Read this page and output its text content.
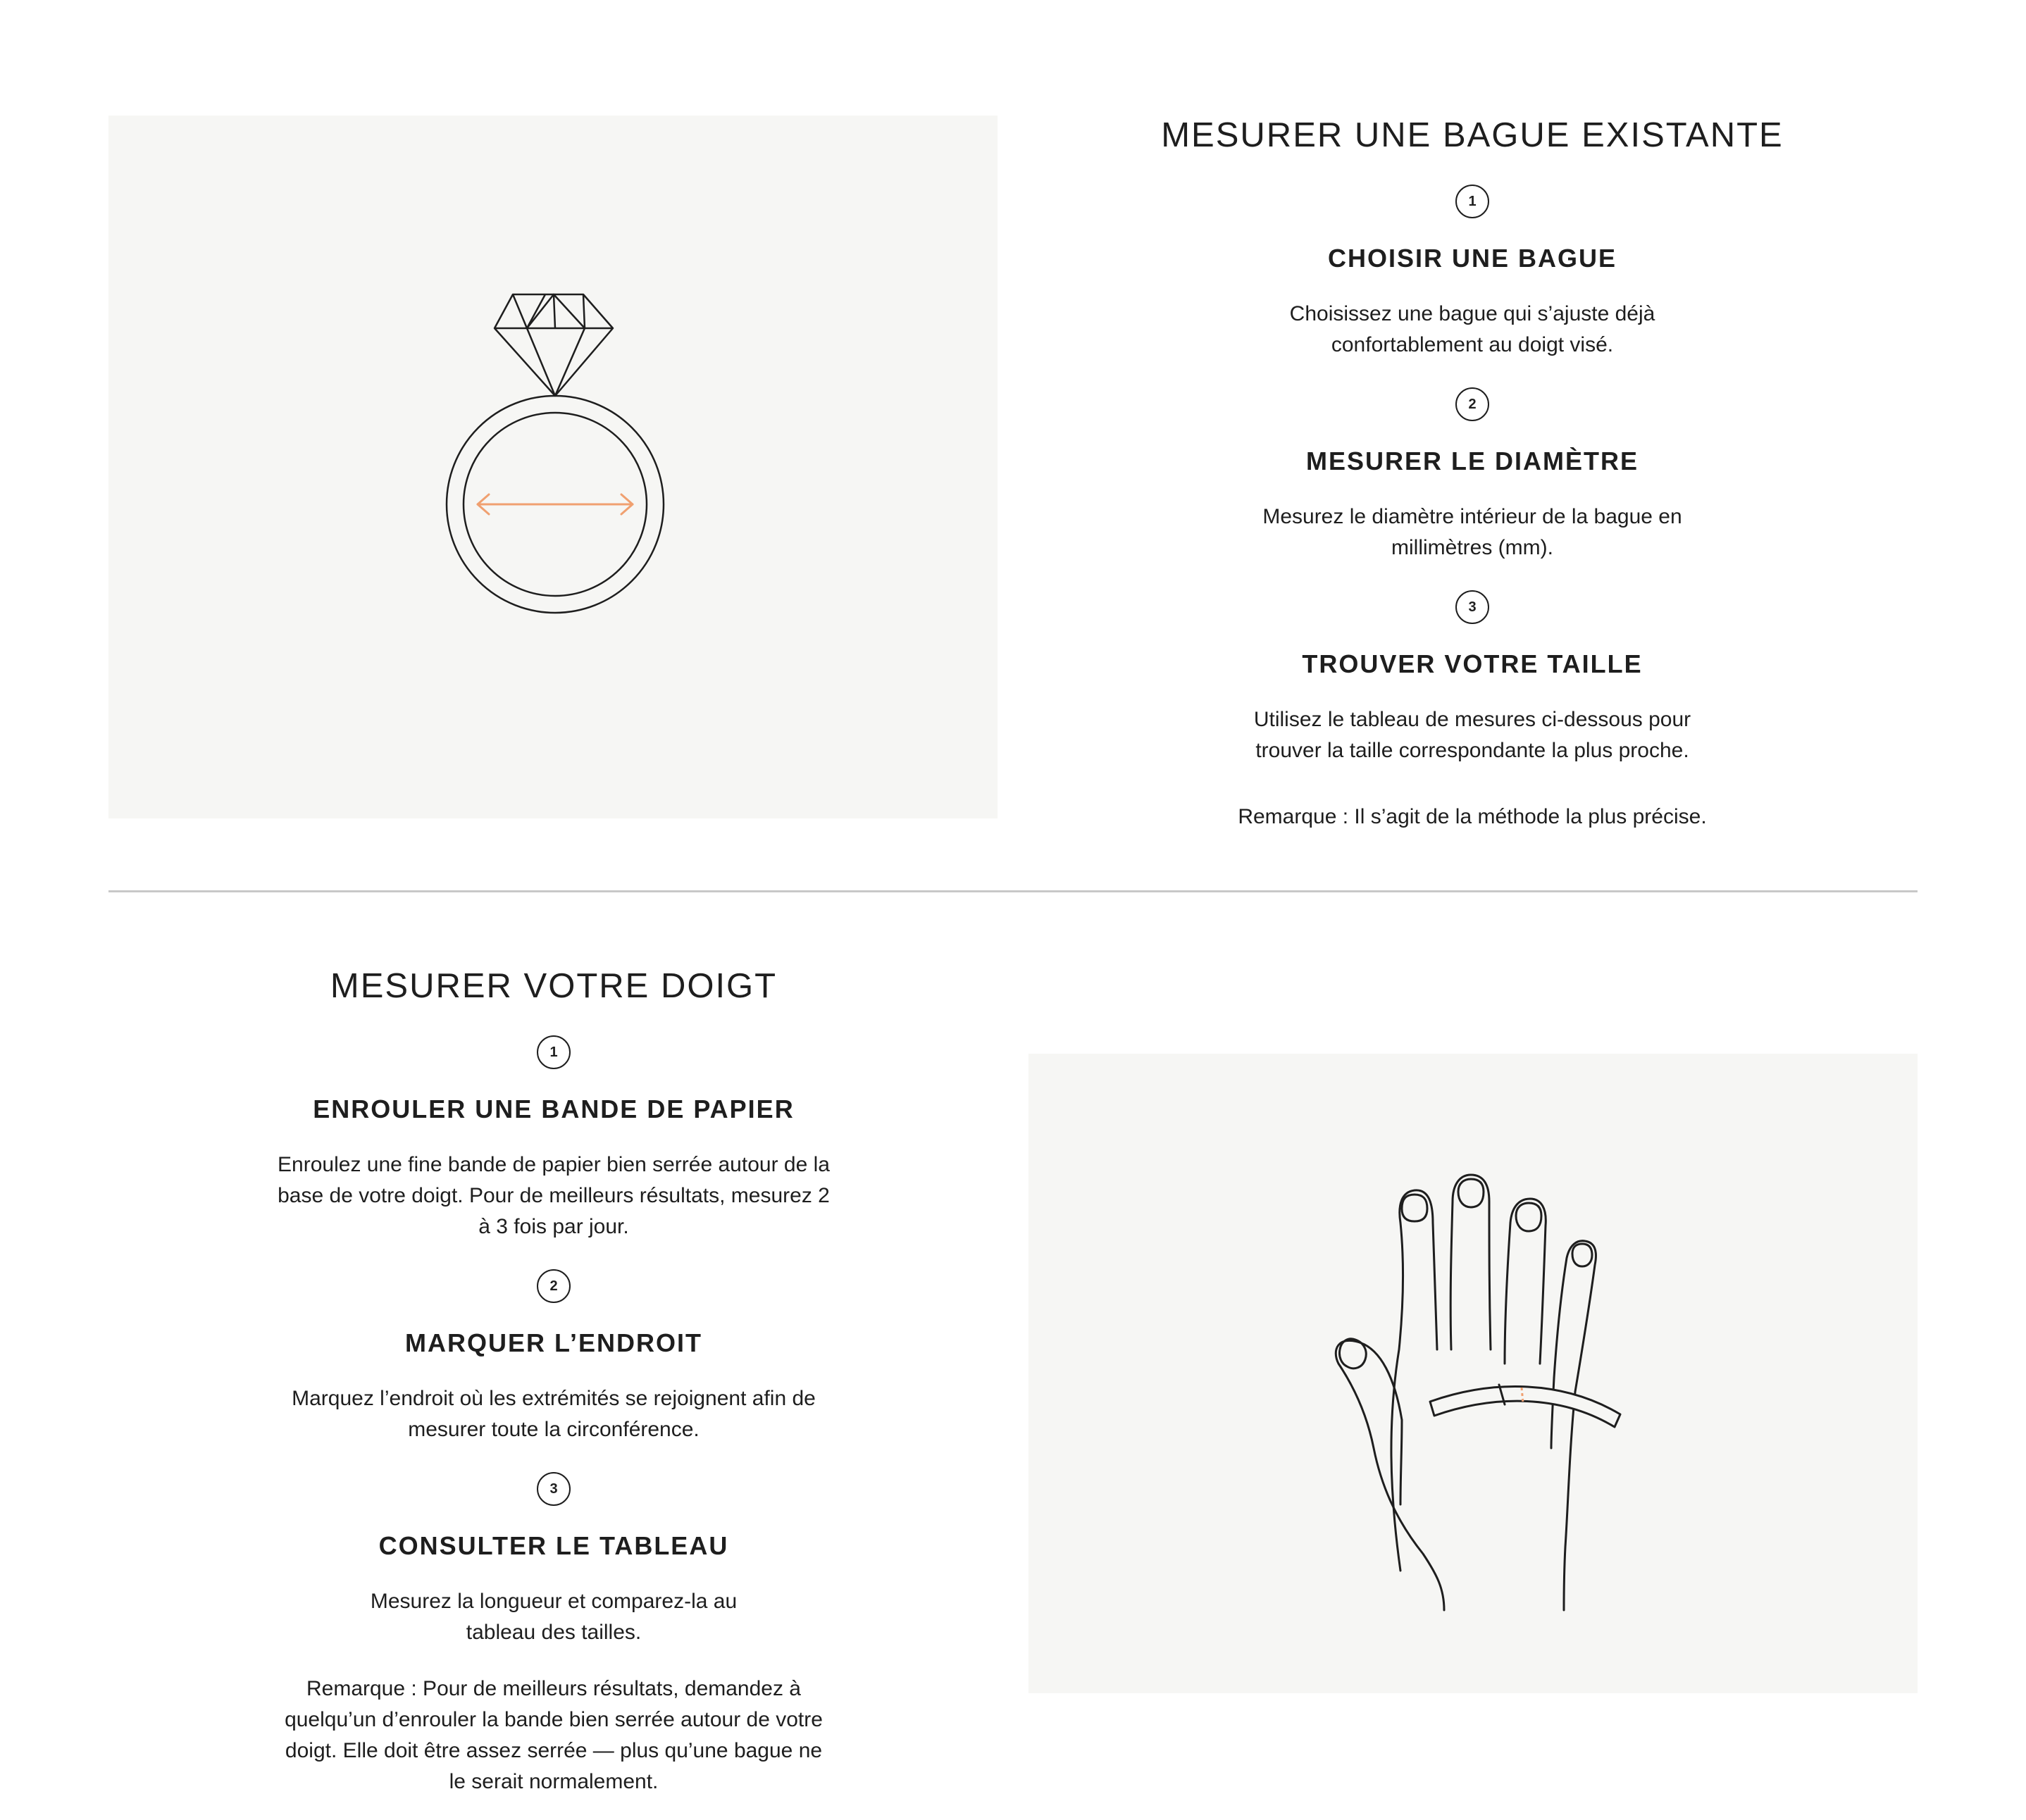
MESURER UNE BAGUE EXISTANTE
1
CHOISIR UNE BAGUE

Choisissez une bague qui s’ajuste déjà confortablement au doigt visé.

2
MESURER LE DIAMÈTRE

Mesurez le diamètre intérieur de la bague en millimètres (mm).

3
TROUVER VOTRE TAILLE

Utilisez le tableau de mesures ci-dessous pour trouver la taille correspondante la plus proche.

Remarque : Il s’agit de la méthode la plus précise.

MESURER VOTRE DOIGT
1
ENROULER UNE BANDE DE PAPIER

Enroulez une fine bande de papier bien serrée autour de la base de votre doigt. Pour de meilleurs résultats, mesurez 2 à 3 fois par jour.

2
MARQUER L’ENDROIT

Marquez l’endroit où les extrémités se rejoignent afin de mesurer toute la circonférence.

3
CONSULTER LE TABLEAU

Mesurez la longueur et comparez-la au tableau des tailles.

Remarque : Pour de meilleurs résultats, demandez à quelqu’un d’enrouler la bande bien serrée autour de votre doigt. Elle doit être assez serrée — plus qu’une bague ne le serait normalement.
